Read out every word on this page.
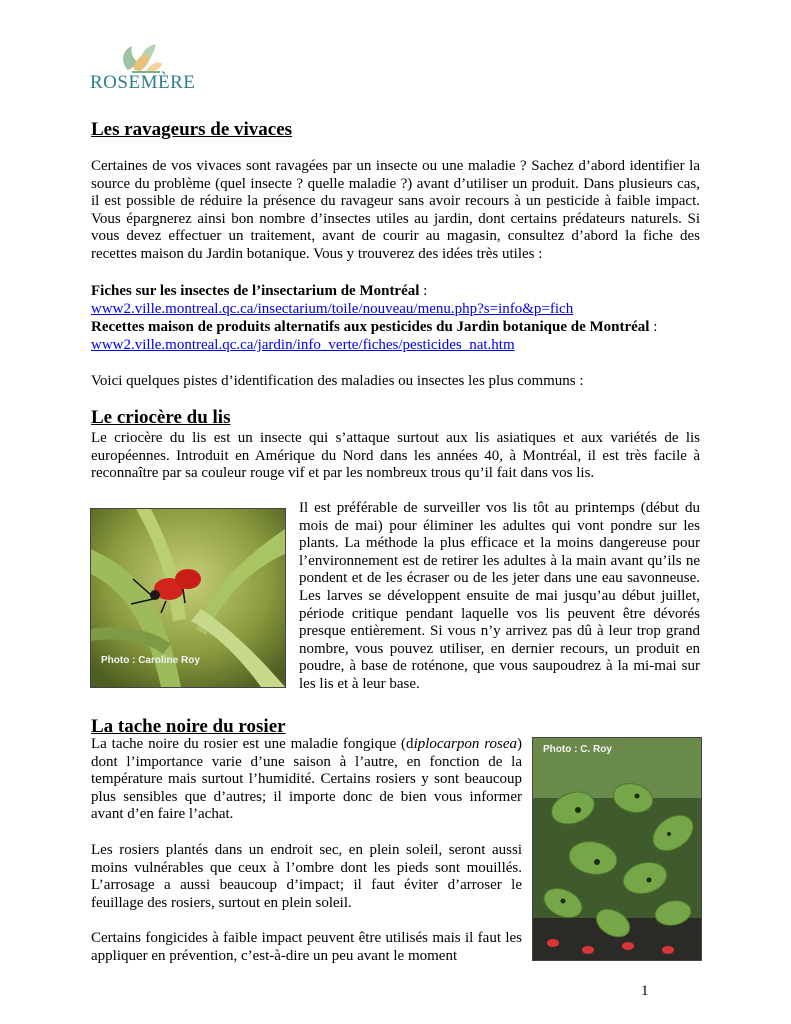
ROSEMÈRE
Les ravageurs de vivaces

Certaines de vos vivaces sont ravagées par un insecte ou une maladie ? Sachez d’abord identifier la source du problème (quel insecte ? quelle maladie ?) avant d’utiliser un produit. Dans plusieurs cas, il est possible de réduire la présence du ravageur sans avoir recours à un pesticide à faible impact. Vous épargnerez ainsi bon nombre d’insectes utiles au jardin, dont certains prédateurs naturels. Si vous devez effectuer un traitement, avant de courir au magasin, consultez d’abord la fiche des recettes maison du Jardin botanique. Vous y trouverez des idées très utiles :

Fiches sur les insectes de l’insectarium de Montréal :
www2.ville.montreal.qc.ca/insectarium/toile/nouveau/menu.php?s=info&p=fich
Recettes maison de produits alternatifs aux pesticides du Jardin botanique de Montréal :
www2.ville.montreal.qc.ca/jardin/info_verte/fiches/pesticides_nat.htm

Voici quelques pistes d’identification des maladies ou insectes les plus communs :

Le criocère du lis

Le criocère du lis est un insecte qui s’attaque surtout aux lis asiatiques et aux variétés de lis européennes. Introduit en Amérique du Nord dans les années 40, à Montréal, il est très facile à reconnaître par sa couleur rouge vif et par les nombreux trous qu’il fait dans vos lis.

Photo : Caroline Roy

Il est préférable de surveiller vos lis tôt au printemps (début du mois de mai) pour éliminer les adultes qui vont pondre sur les plants. La méthode la plus efficace et la moins dangereuse pour l’environnement est de retirer les adultes à la main avant qu’ils ne pondent et de les écraser ou de les jeter dans une eau savonneuse. Les larves se développent ensuite de mai jusqu’au début juillet, période critique pendant laquelle vos lis peuvent être dévorés presque entièrement. Si vous n’y arrivez pas dû à leur trop grand nombre, vous pouvez utiliser, en dernier recours, un produit en poudre, à base de roténone, que vous saupoudrez à la mi-mai sur les lis et à leur base.

La tache noire du rosier

La tache noire du rosier est une maladie fongique (diplocarpon rosea) dont l’importance varie d’une saison à l’autre, en fonction de la température mais surtout l’humidité. Certains rosiers y sont beaucoup plus sensibles que d’autres; il importe donc de bien vous informer avant d’en faire l’achat.

Les rosiers plantés dans un endroit sec, en plein soleil, seront aussi moins vulnérables que ceux à l’ombre dont les pieds sont mouillés. L’arrosage a aussi beaucoup d’impact; il faut éviter d’arroser le feuillage des rosiers, surtout en plein soleil.

Certains fongicides à faible impact peuvent être utilisés mais il faut les appliquer en prévention, c’est-à-dire un peu avant le moment

Photo : C. Roy
1
